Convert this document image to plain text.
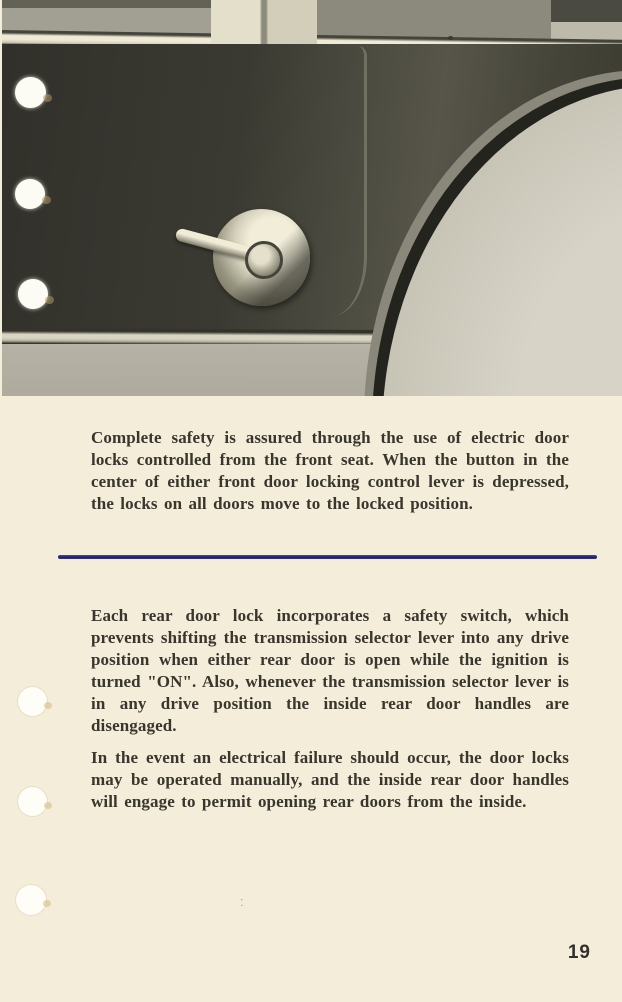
Complete safety is assured through the use of electric door locks controlled from the front seat. When the button in the center of either front door locking control lever is depressed, the locks on all doors move to the locked position.

Each rear door lock incorporates a safety switch, which prevents shifting the transmission selector lever into any drive position when either rear door is open while the ignition is turned "ON". Also, whenever the transmission selector lever is in any drive position the inside rear door handles are disengaged.

In the event an electrical failure should occur, the door locks may be operated manually, and the inside rear door handles will engage to permit opening rear doors from the inside.

:
19
